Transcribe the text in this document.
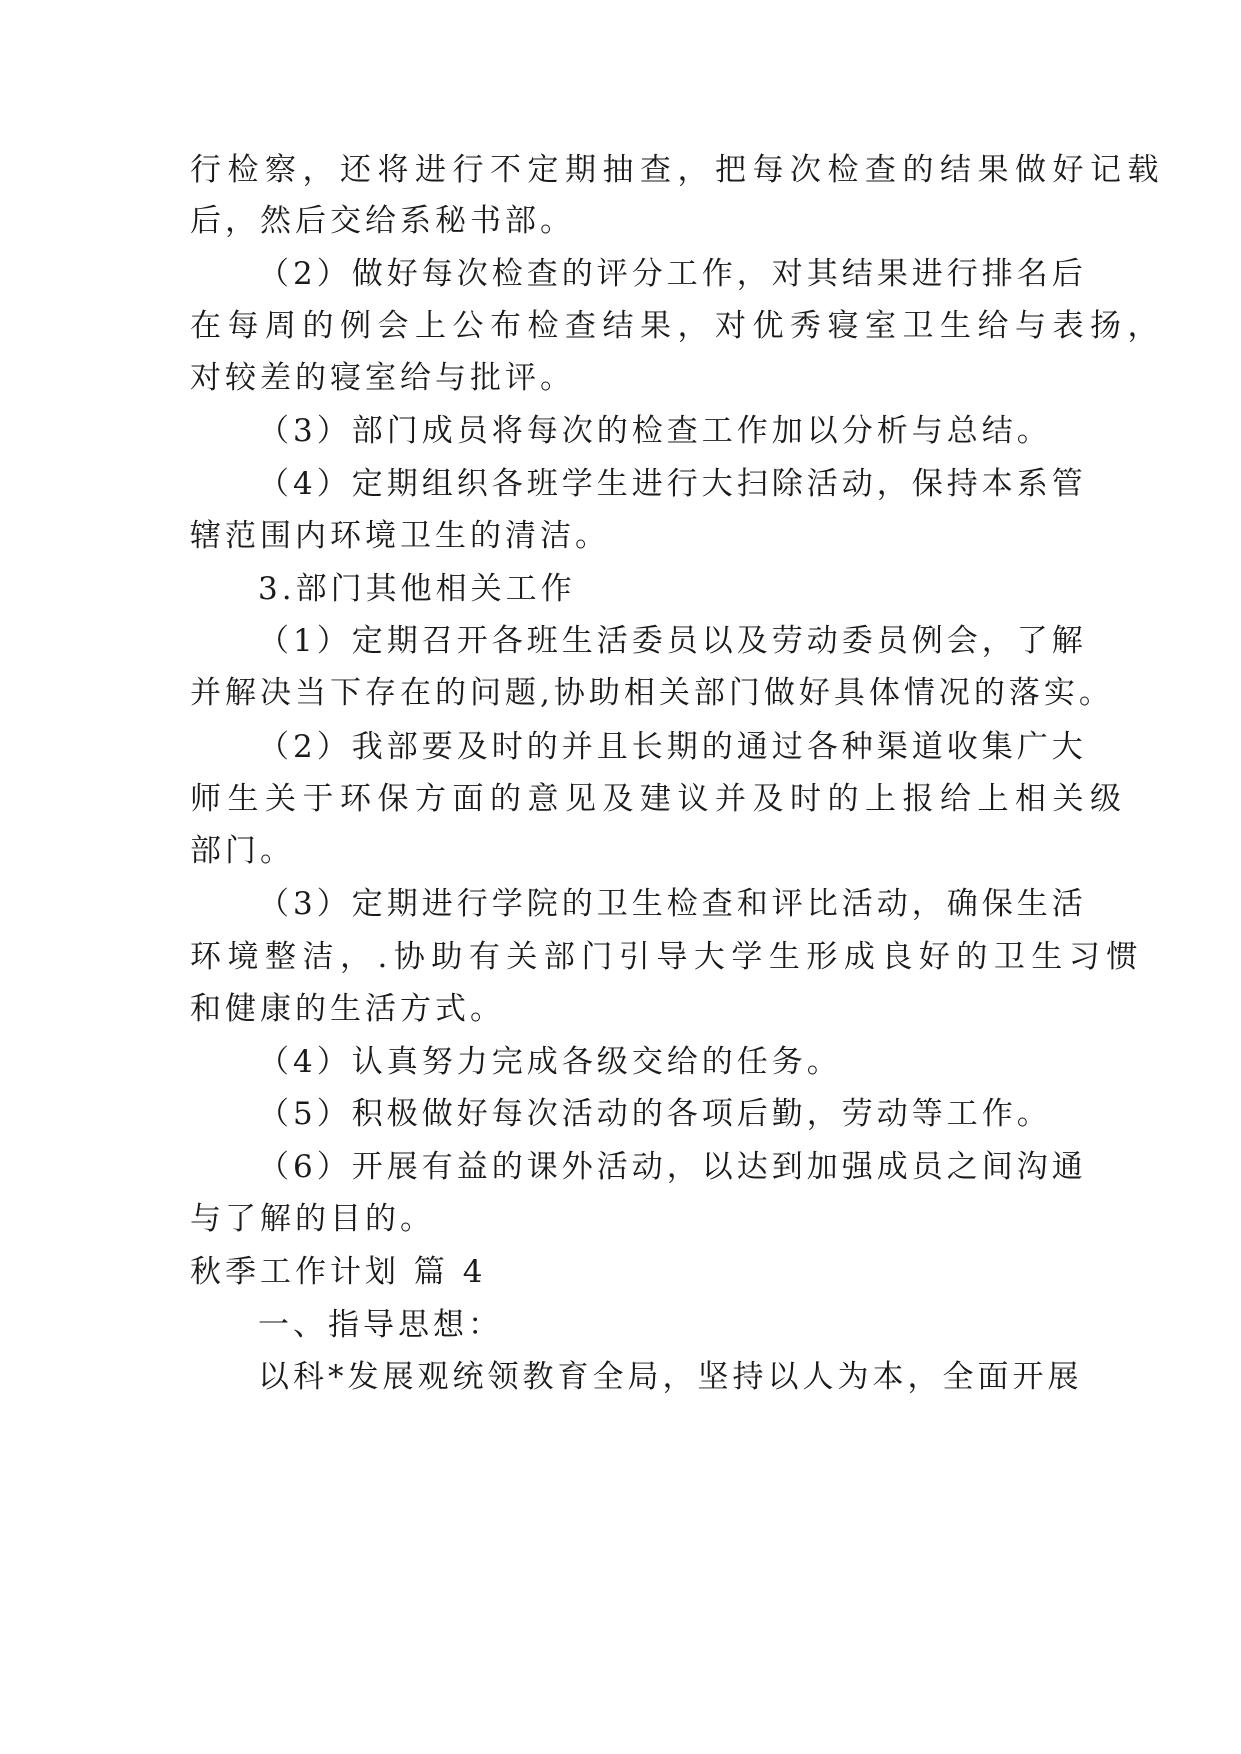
行检察，还将进行不定期抽查，把每次检查的结果做好记载
后，然后交给系秘书部。
（2）做好每次检查的评分工作，对其结果进行排名后
在每周的例会上公布检查结果，对优秀寝室卫生给与表扬，
对较差的寝室给与批评。
（3）部门成员将每次的检查工作加以分析与总结。
（4）定期组织各班学生进行大扫除活动，保持本系管
辖范围内环境卫生的清洁。
3.部门其他相关工作
（1）定期召开各班生活委员以及劳动委员例会，了解
并解决当下存在的问题,协助相关部门做好具体情况的落实。
（2）我部要及时的并且长期的通过各种渠道收集广大
师生关于环保方面的意见及建议并及时的上报给上相关级
部门。
（3）定期进行学院的卫生检查和评比活动，确保生活
环境整洁，.协助有关部门引导大学生形成良好的卫生习惯
和健康的生活方式。
（4）认真努力完成各级交给的任务。
（5）积极做好每次活动的各项后勤，劳动等工作。
（6）开展有益的课外活动，以达到加强成员之间沟通
与了解的目的。
秋季工作计划 篇 4
一、指导思想：
以科*发展观统领教育全局，坚持以人为本，全面开展
